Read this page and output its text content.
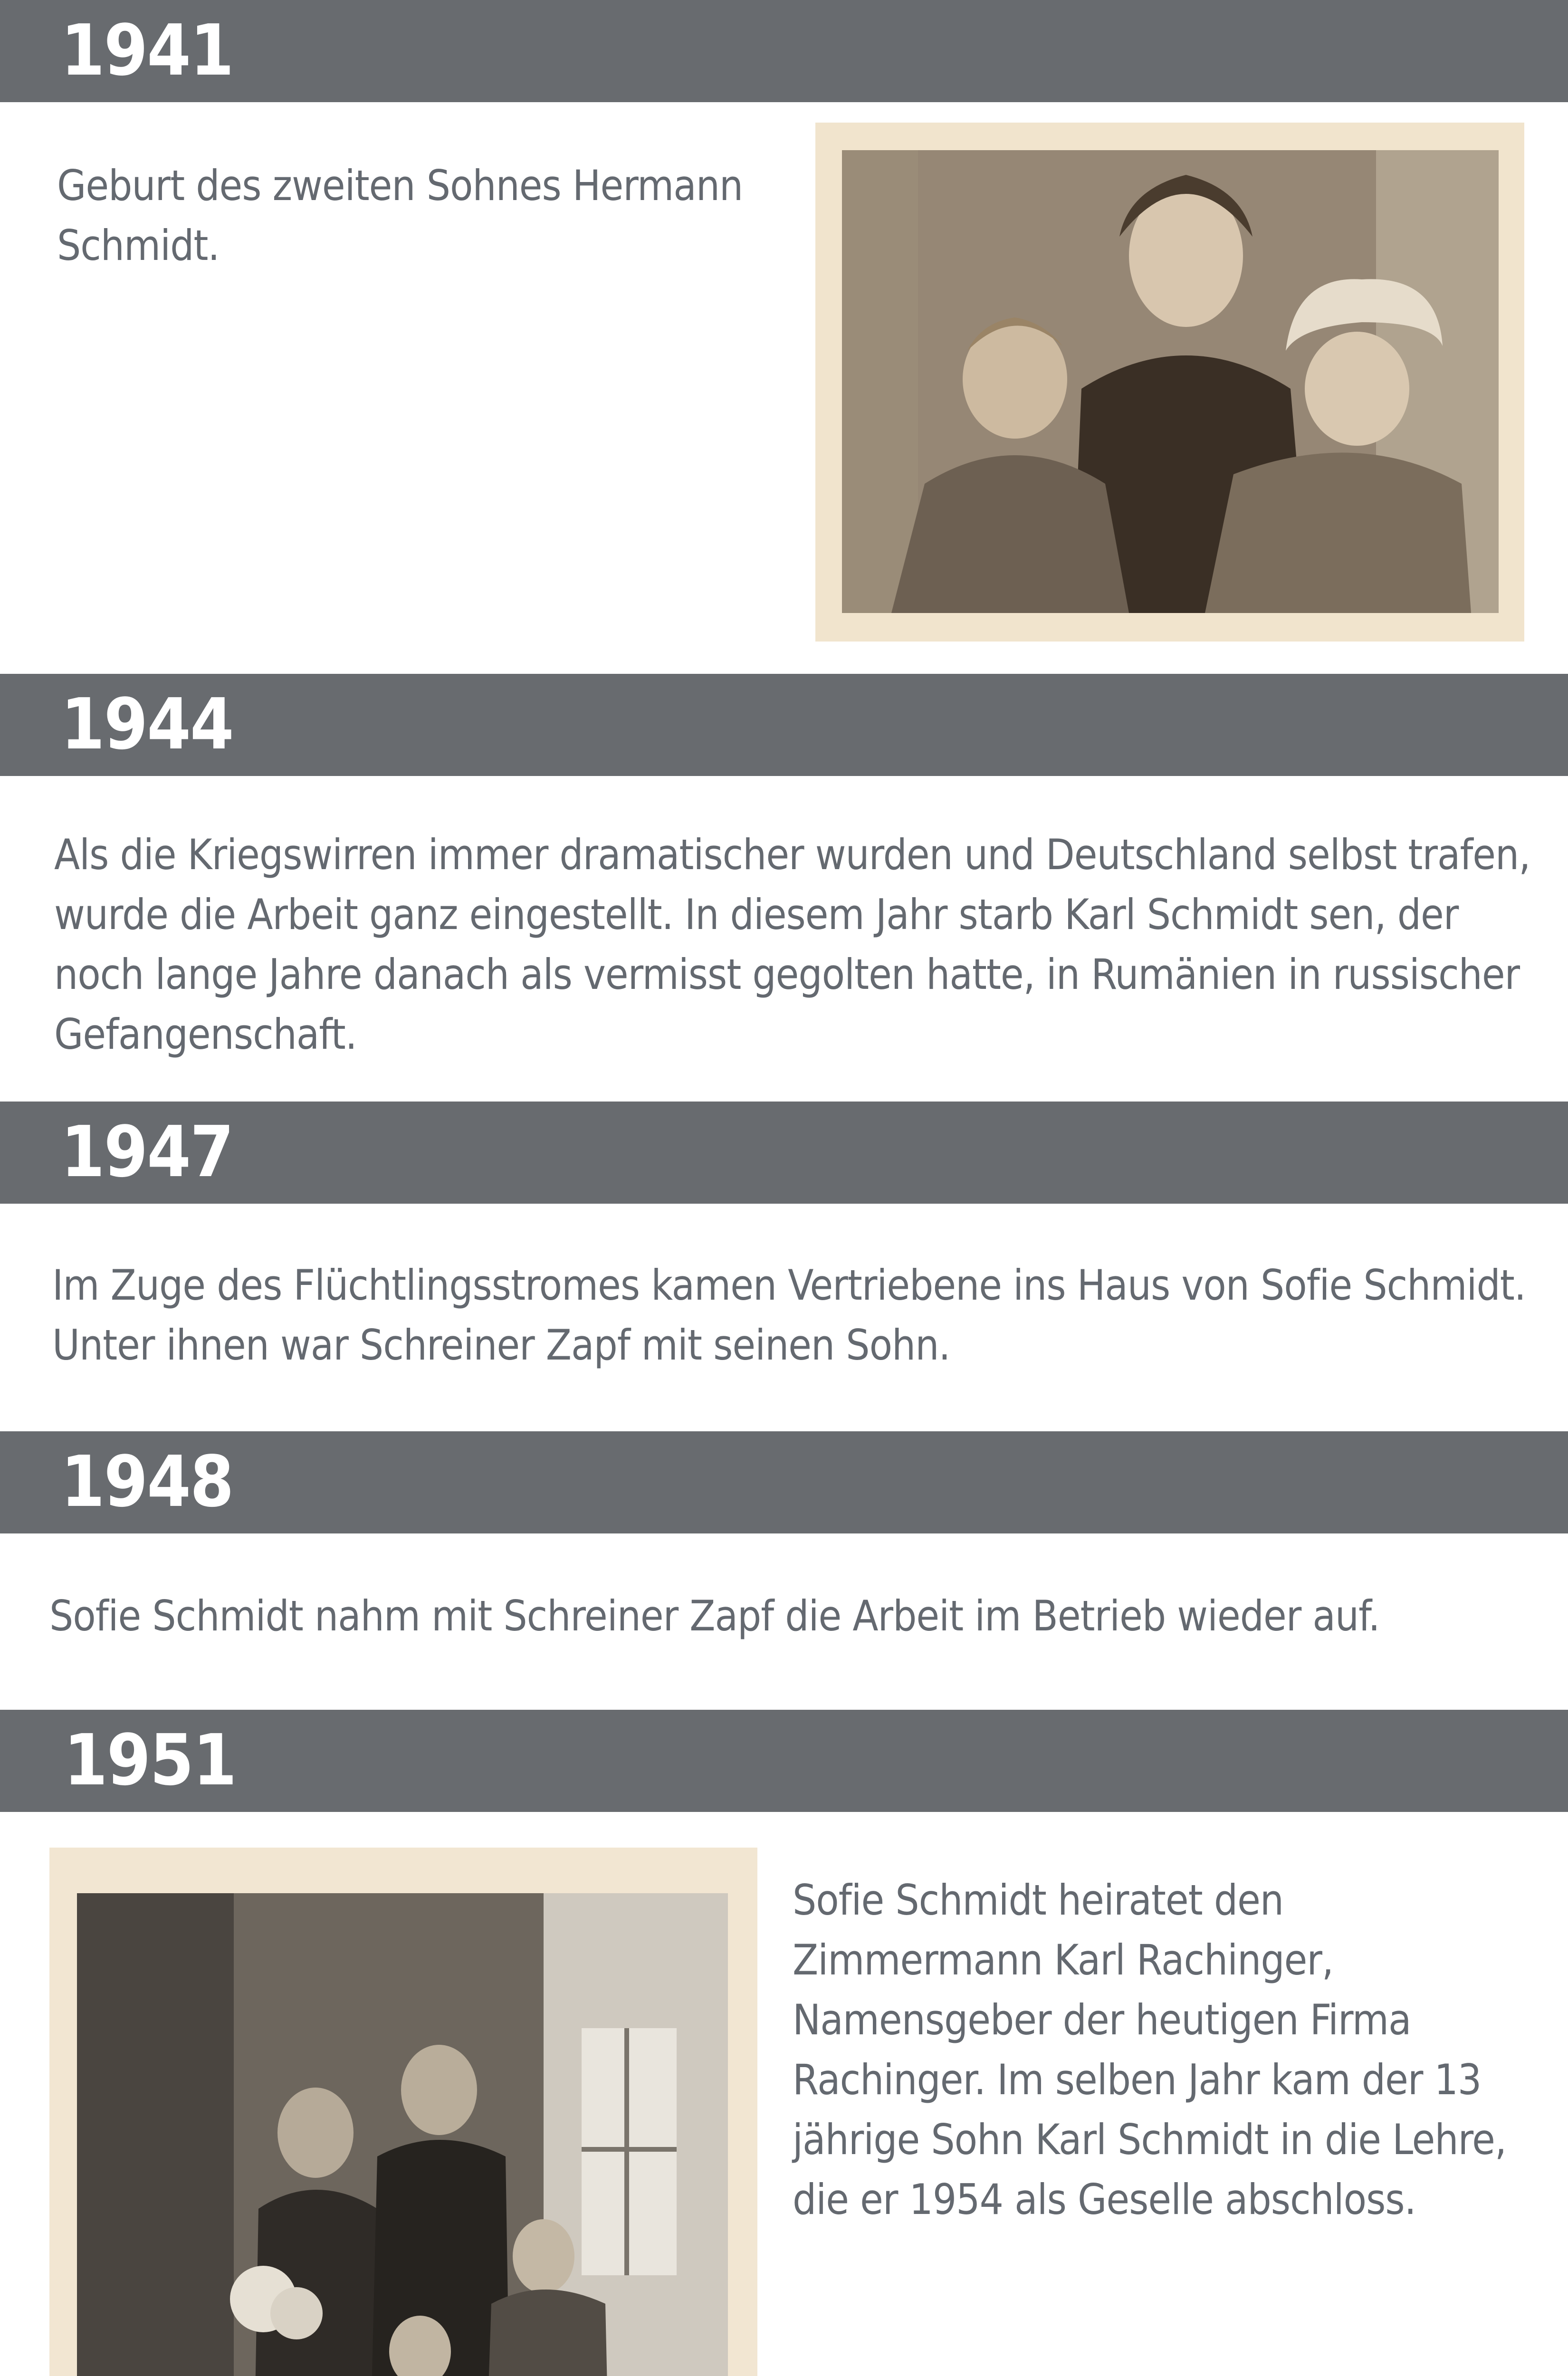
1941
Geburt des zweiten Sohnes Hermann Schmidt.
1944
Als die Kriegswirren immer dramatischer wurden und Deutschland selbst trafen, wurde die Arbeit ganz eingestellt. In diesem Jahr starb Karl Schmidt sen, der noch lange Jahre danach als vermisst gegolten hatte, in Rumänien in russischer Gefangenschaft.
1947
Im Zuge des Flüchtlingsstromes kamen Vertriebene ins Haus von Sofie Schmidt. Unter ihnen war Schreiner Zapf mit seinen Sohn.
1948
Sofie Schmidt nahm mit Schreiner Zapf die Arbeit im Betrieb wieder auf.
1951
Sofie Schmidt heiratet den Zimmermann Karl Rachinger, Namensgeber der heutigen Firma Rachinger. Im selben Jahr kam der 13 jährige Sohn Karl Schmidt in die Lehre, die er 1954 als Geselle abschloss.
